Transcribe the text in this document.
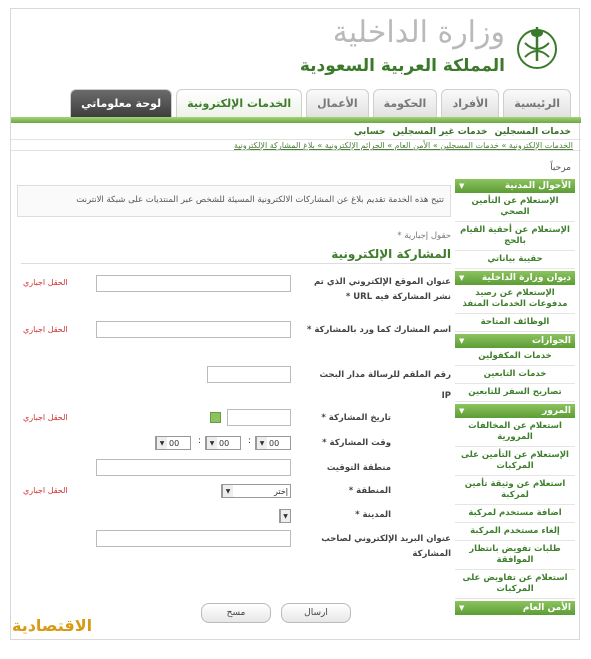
وزارة الداخلية
المملكة العربية السعودية
الرئيسية
الأفراد
الحكومة
الأعمال
الخدمات الإلكترونية
لوحة معلوماتي
خدمات المسجلين خدمات غير المسجلين حسابي
الخدمات الإلكترونية » خدمات المسجلين » الأمن العام » الجرائم الإلكترونية » بلاغ المشاركة الإلكترونية
مرحباً
الأحوال المدنية
▼
الإستعلام عن التأمين الصحي
الإستعلام عن أحقية القيام بالحج
حقيبة بياناتي
ديوان وزارة الداخلية
▼
الإستعلام عن رصيد مدفوعات الخدمات المنفذ
الوظائف المتاحة
الجوازات
▼
خدمات المكفولين
خدمات التابعين
تصاريح السفر للتابعين
المرور
▼
استعلام عن المخالفات المرورية
الإستعلام عن التأمين على المركبات
استعلام عن وثيقة تأمين لمركبة
اضافة مستخدم لمركبة
إلغاء مستخدم المركبة
طلبات تفويض بانتظار الموافقة
استعلام عن تفاويض على المركبات
الأمن العام
▼
تتيح هذه الخدمة تقديم بلاغ عن المشاركات الالكترونية المسيئة للشخص عبر المنتديات على شبكة الانترنت
حقول إجبارية *
المشاركة الإلكترونية
عنوان الموقع الإلكتروني الذي تم نشر المشاركة فيه URL *
الحقل اجباري
اسم المشارك كما ورد بالمشاركة *
الحقل اجباري
رقم الملقم للرسالة مدار البحث
IP
تاريخ المشاركة *
الحقل اجباري
وقت المشاركة *
▼ 00
:
▼ 00
:
▼ 00
منطقة التوقيت
المنطقة *
▼	إختر
الحقل اجباري
المدينة *
▼
عنوان البريد الإلكتروني لصاحب المشاركة
ارسال
مسح
الاقتصادية
